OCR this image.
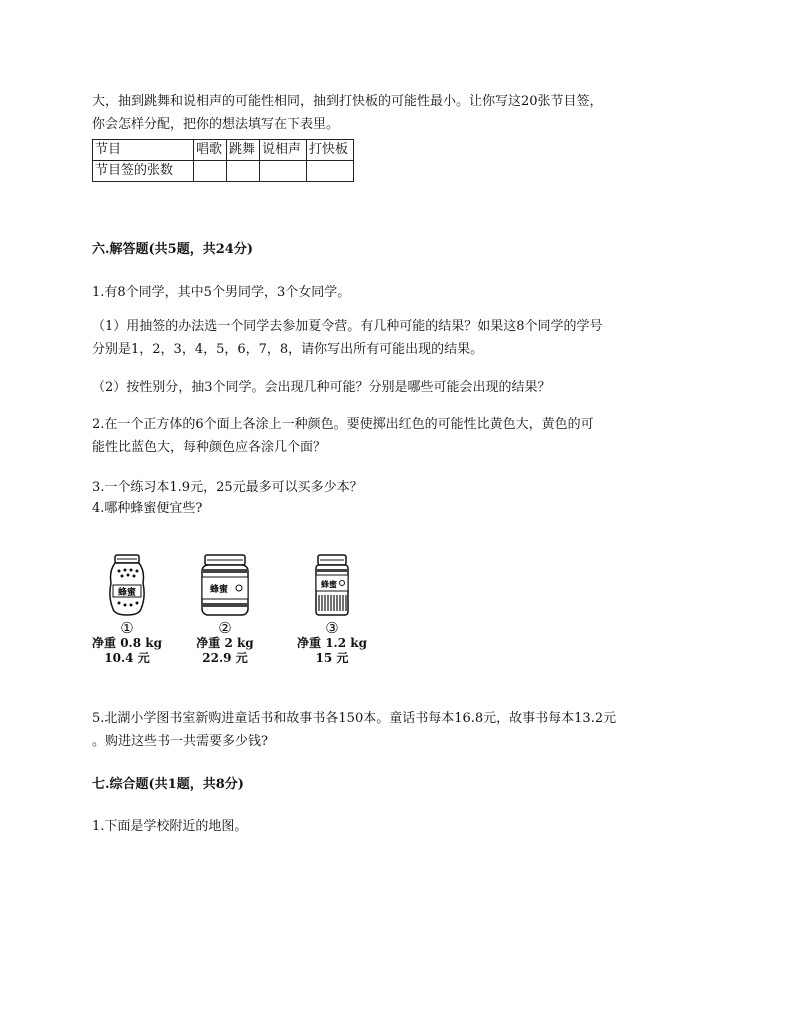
大，抽到跳舞和说相声的可能性相同，抽到打快板的可能性最小。让你写这20张节目签，
你会怎样分配，把你的想法填写在下表里。
节目	唱歌	跳舞	说相声	打快板
节目签的张数				
六.解答题(共5题，共24分)
1.有8个同学，其中5个男同学，3个女同学。
（1）用抽签的办法选一个同学去参加夏令营。有几种可能的结果？如果这8个同学的学号
分别是1，2，3，4，5，6，7，8，请你写出所有可能出现的结果。
（2）按性别分，抽3个同学。会出现几种可能？分别是哪些可能会出现的结果？
2.在一个正方体的6个面上各涂上一种颜色。要使掷出红色的可能性比黄色大，黄色的可
能性比蓝色大，每种颜色应各涂几个面？
3.一个练习本1.9元，25元最多可以买多少本？
4.哪种蜂蜜便宜些?
蜂蜜
①
净重 0.8 kg
10.4 元
蜂蜜
②
净重 2 kg
22.9 元
蜂蜜
③
净重 1.2 kg
15 元
5.北湖小学图书室新购进童话书和故事书各150本。童话书每本16.8元，故事书每本13.2元
。购进这些书一共需要多少钱?
七.综合题(共1题，共8分)
1.下面是学校附近的地图。
